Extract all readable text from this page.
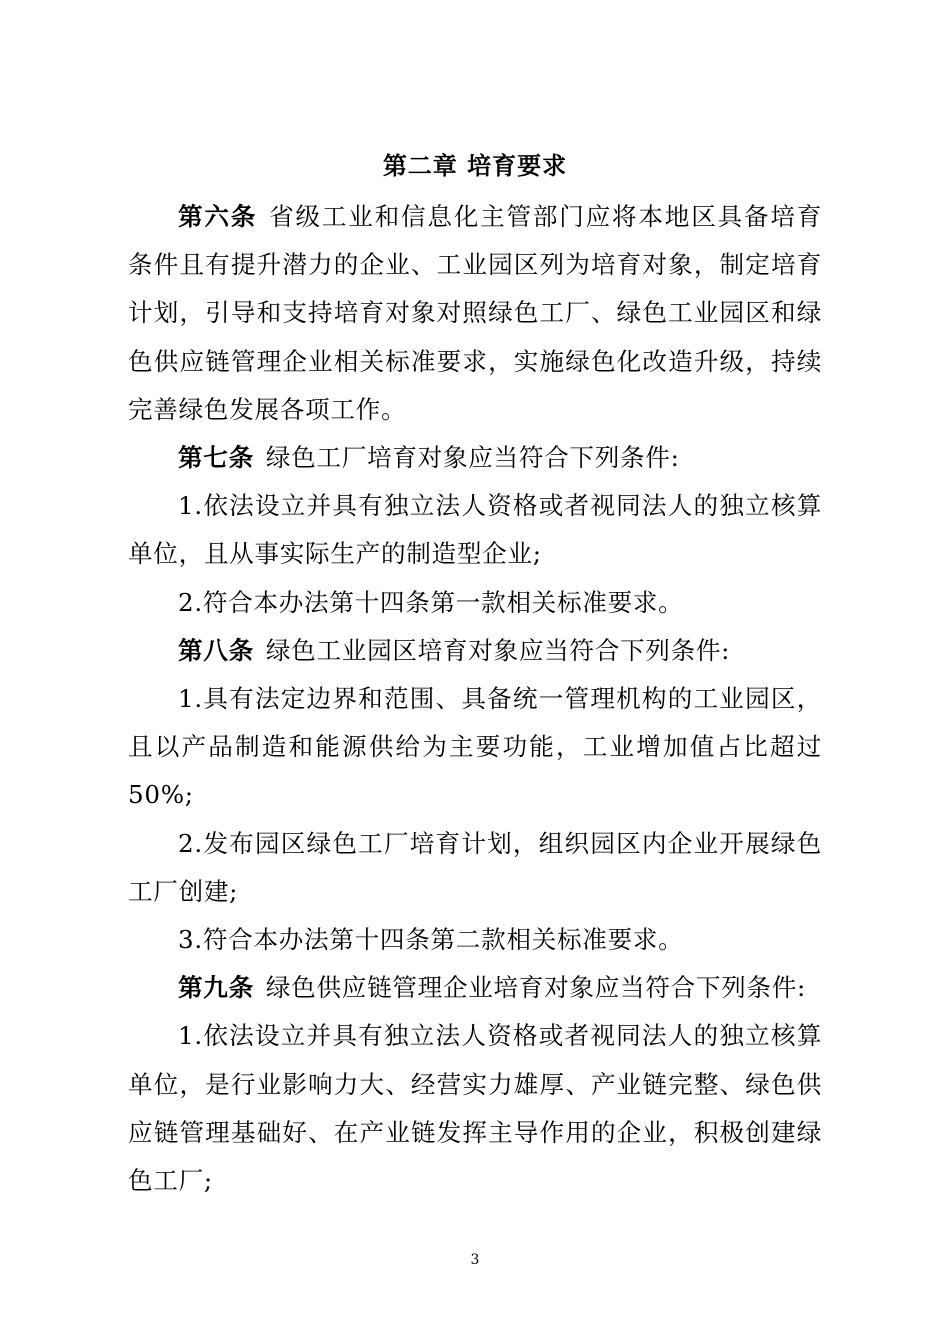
第二章 培育要求

第六条 省级工业和信息化主管部门应将本地区具备培育条件且有提升潜力的企业、工业园区列为培育对象，制定培育计划，引导和支持培育对象对照绿色工厂、绿色工业园区和绿色供应链管理企业相关标准要求，实施绿色化改造升级，持续完善绿色发展各项工作。

第七条 绿色工厂培育对象应当符合下列条件:

1.依法设立并具有独立法人资格或者视同法人的独立核算单位，且从事实际生产的制造型企业;

2.符合本办法第十四条第一款相关标准要求。

第八条 绿色工业园区培育对象应当符合下列条件:

1.具有法定边界和范围、具备统一管理机构的工业园区，且以产品制造和能源供给为主要功能，工业增加值占比超过50%;

2.发布园区绿色工厂培育计划，组织园区内企业开展绿色工厂创建;

3.符合本办法第十四条第二款相关标准要求。

第九条 绿色供应链管理企业培育对象应当符合下列条件:

1.依法设立并具有独立法人资格或者视同法人的独立核算单位，是行业影响力大、经营实力雄厚、产业链完整、绿色供应链管理基础好、在产业链发挥主导作用的企业，积极创建绿色工厂;

3
